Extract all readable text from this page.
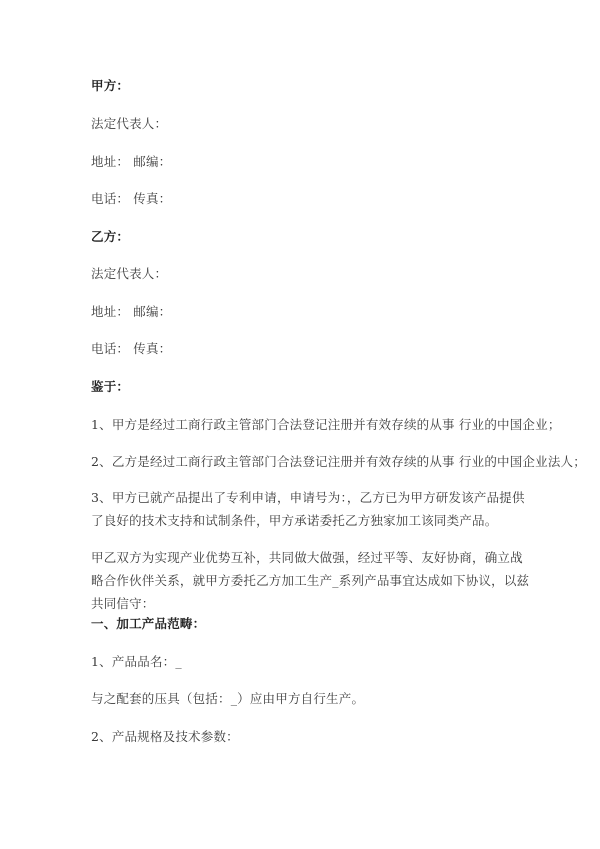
甲方：
法定代表人：
地址： 邮编：
电话： 传真：
乙方：
法定代表人：
地址： 邮编：
电话： 传真：
鉴于：
1、甲方是经过工商行政主管部门合法登记注册并有效存续的从事 行业的中国企业；
2、乙方是经过工商行政主管部门合法登记注册并有效存续的从事 行业的中国企业法人；
3、甲方已就产品提出了专利申请，申请号为：，乙方已为甲方研发该产品提供了良好的技术支持和试制条件，甲方承诺委托乙方独家加工该同类产品。
甲乙双方为实现产业优势互补，共同做大做强，经过平等、友好协商，确立战略合作伙伴关系，就甲方委托乙方加工生产_系列产品事宜达成如下协议，以兹共同信守：
一、加工产品范畴：
1、产品品名：_
与之配套的压具（包括：_）应由甲方自行生产。
2、产品规格及技术参数：
